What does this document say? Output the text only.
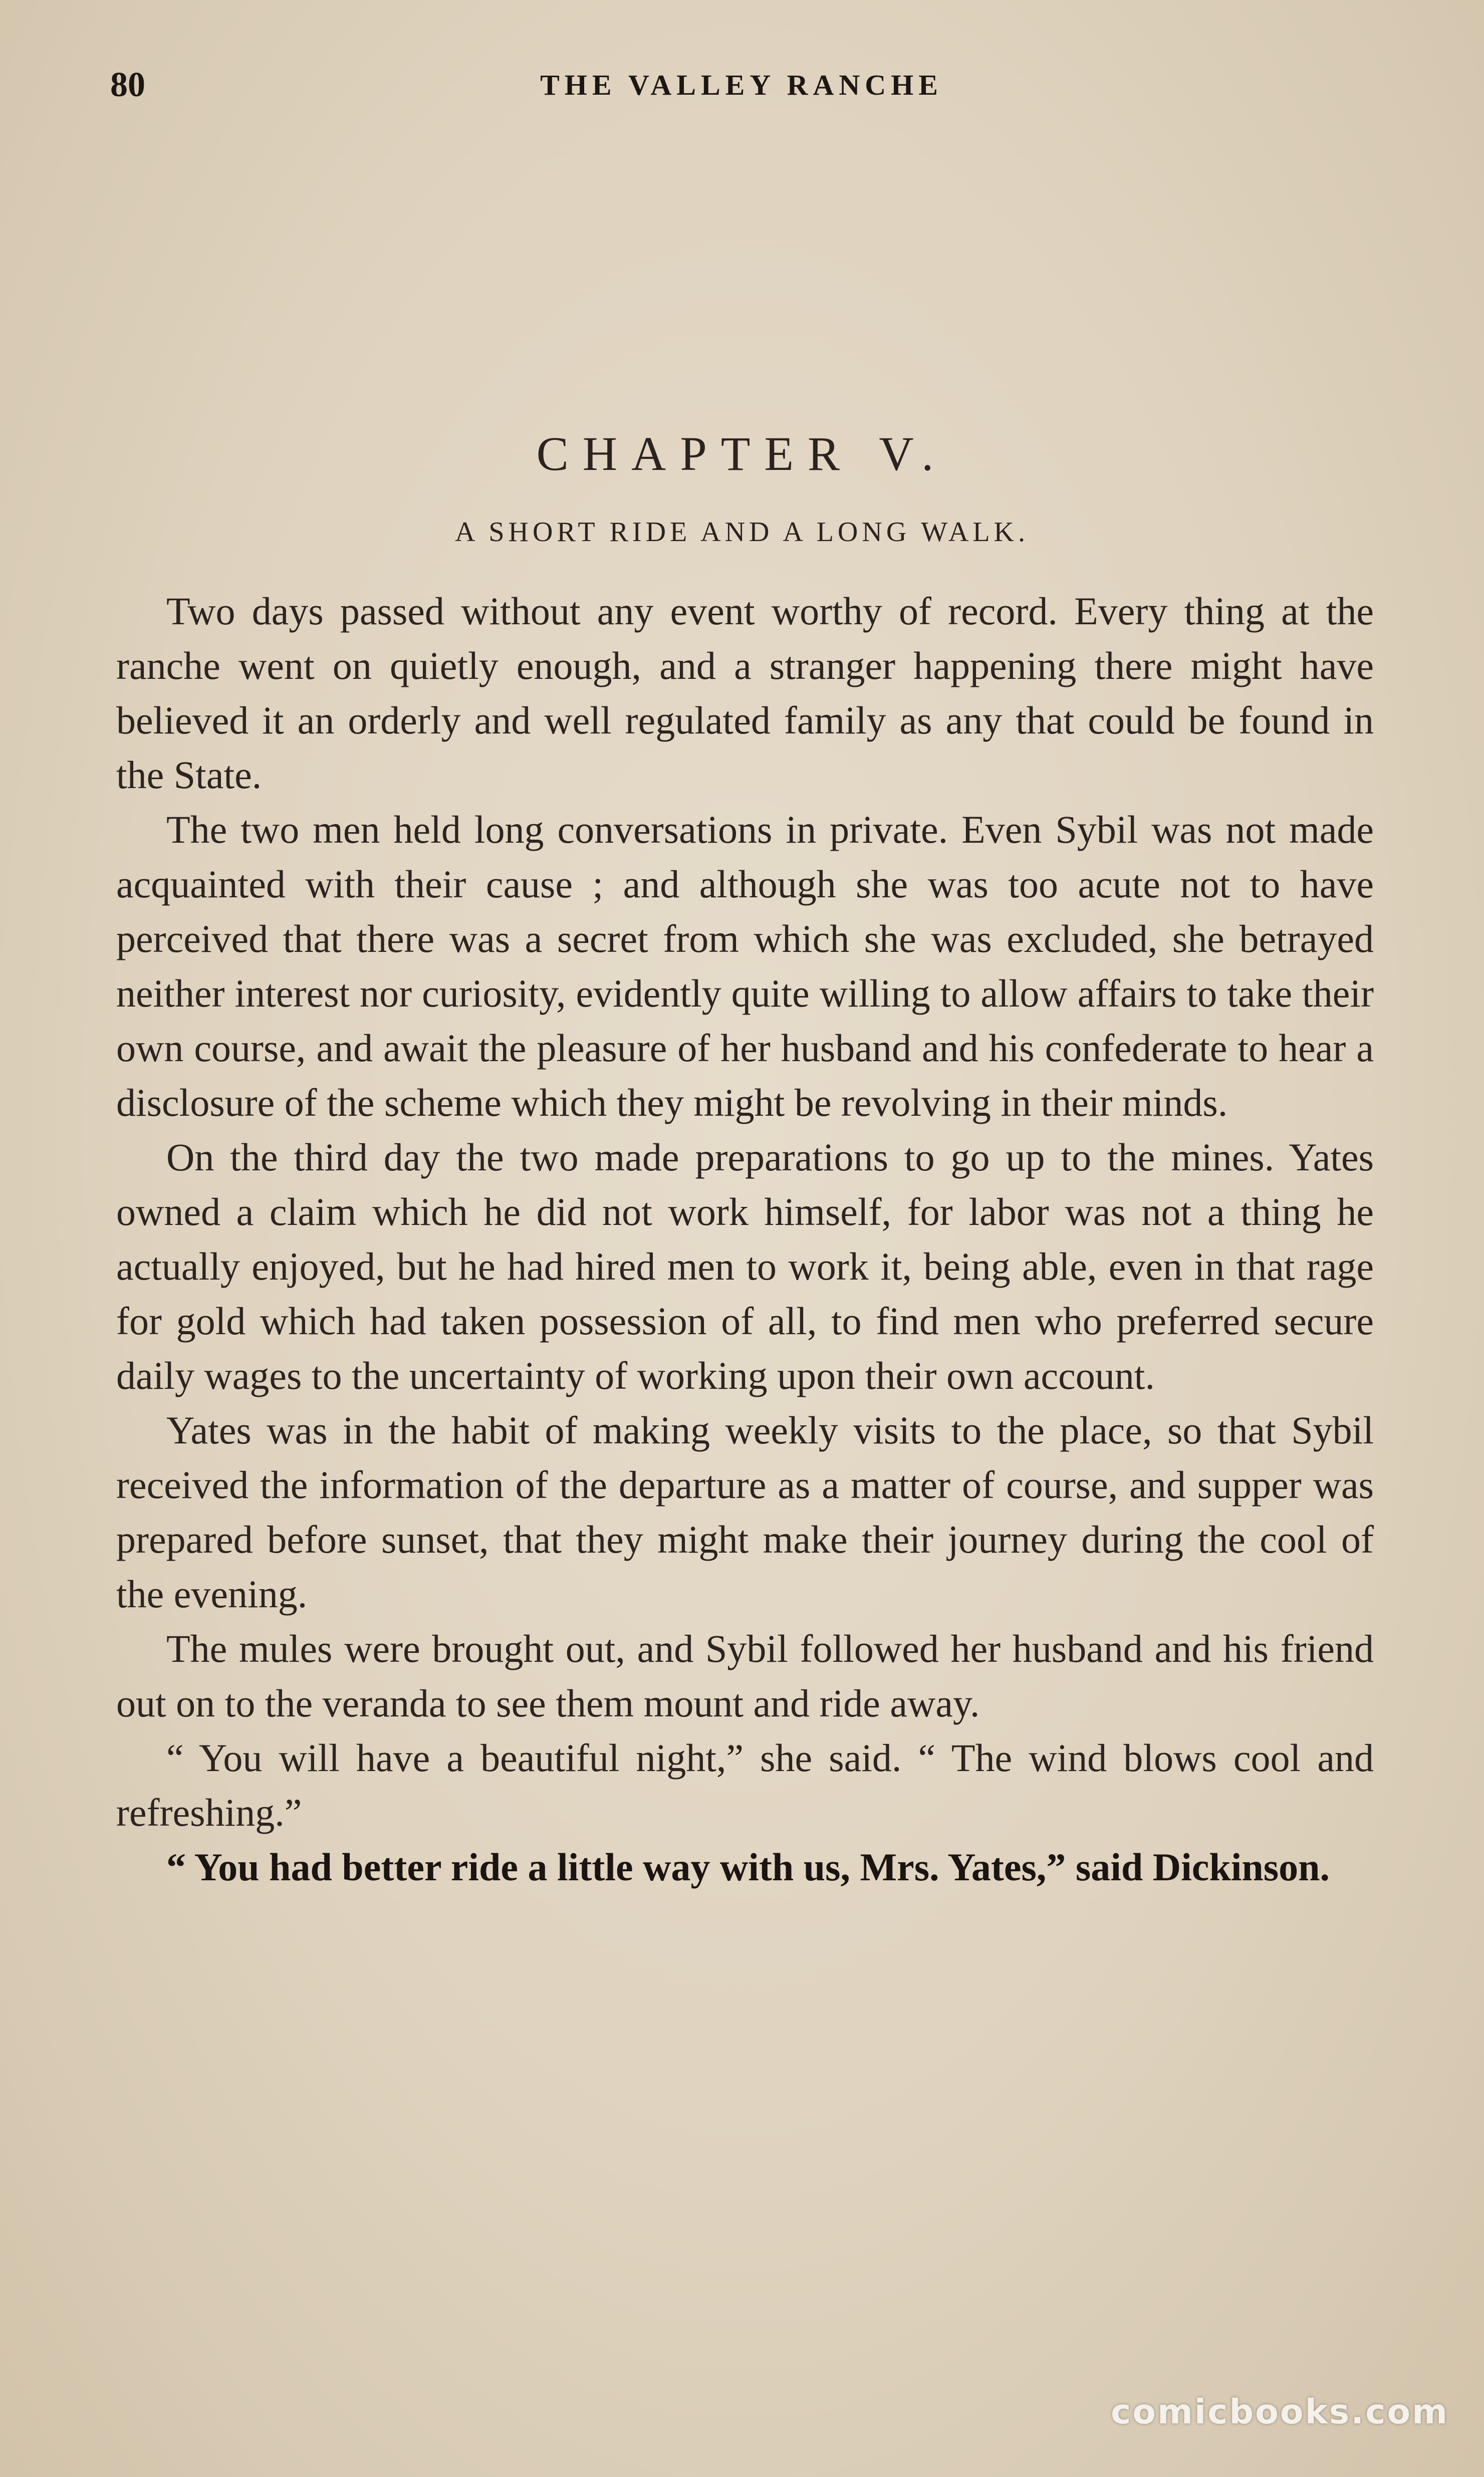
80	THE VALLEY RANCHE
CHAPTER V.
A SHORT RIDE AND A LONG WALK.

Two days passed without any event worthy of record. Every thing at the ranche went on quietly enough, and a stranger happening there might have believed it an orderly and well regulated family as any that could be found in the State.

The two men held long conversations in private. Even Sybil was not made acquainted with their cause ; and although she was too acute not to have perceived that there was a secret from which she was excluded, she betrayed neither interest nor curiosity, evidently quite willing to allow affairs to take their own course, and await the pleasure of her husband and his confederate to hear a disclosure of the scheme which they might be revolving in their minds.

On the third day the two made preparations to go up to the mines. Yates owned a claim which he did not work himself, for labor was not a thing he actually enjoyed, but he had hired men to work it, being able, even in that rage for gold which had taken possession of all, to find men who preferred secure daily wages to the uncertainty of working upon their own account.

Yates was in the habit of making weekly visits to the place, so that Sybil received the information of the departure as a matter of course, and supper was prepared before sunset, that they might make their journey during the cool of the evening.

The mules were brought out, and Sybil followed her husband and his friend out on to the veranda to see them mount and ride away.

“ You will have a beautiful night,” she said. “ The wind blows cool and refreshing.”

“ You had better ride a little way with us, Mrs. Yates,” said Dickinson.

comicbooks.com
